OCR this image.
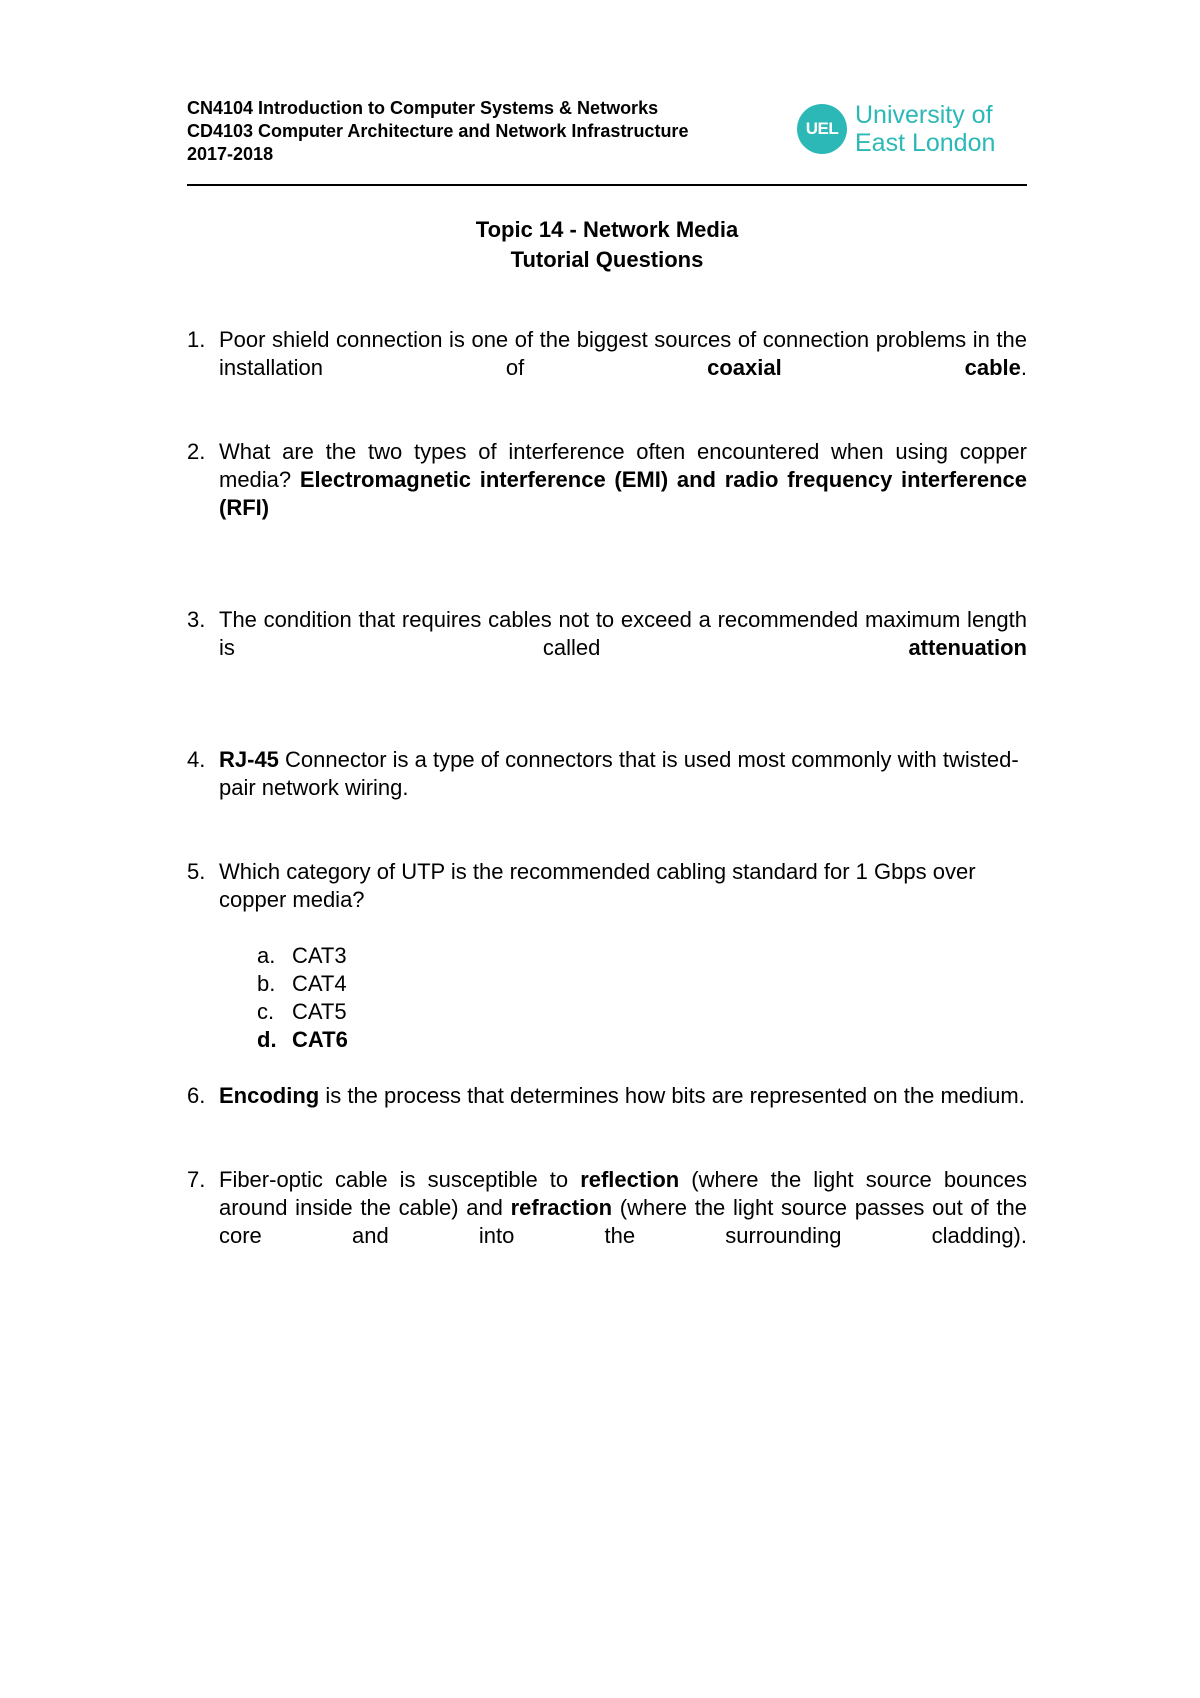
CN4104 Introduction to Computer Systems & Networks
CD4103 Computer Architecture and Network Infrastructure
2017-2018
UEL University of
East London
Topic 14 - Network Media
Tutorial Questions
1. Poor shield connection is one of the biggest sources of connection problems in the installation of coaxial cable.
2. What are the two types of interference often encountered when using copper media? Electromagnetic interference (EMI) and radio frequency interference (RFI)
3. The condition that requires cables not to exceed a recommended maximum length is called attenuation
4. RJ-45 Connector is a type of connectors that is used most commonly with twisted-pair network wiring.
5. Which category of UTP is the recommended cabling standard for 1 Gbps over copper media?
a. CAT3
b. CAT4
c. CAT5
d. CAT6
6. Encoding is the process that determines how bits are represented on the medium.
7. Fiber-optic cable is susceptible to reflection (where the light source bounces around inside the cable) and refraction (where the light source passes out of the core and into the surrounding cladding).
